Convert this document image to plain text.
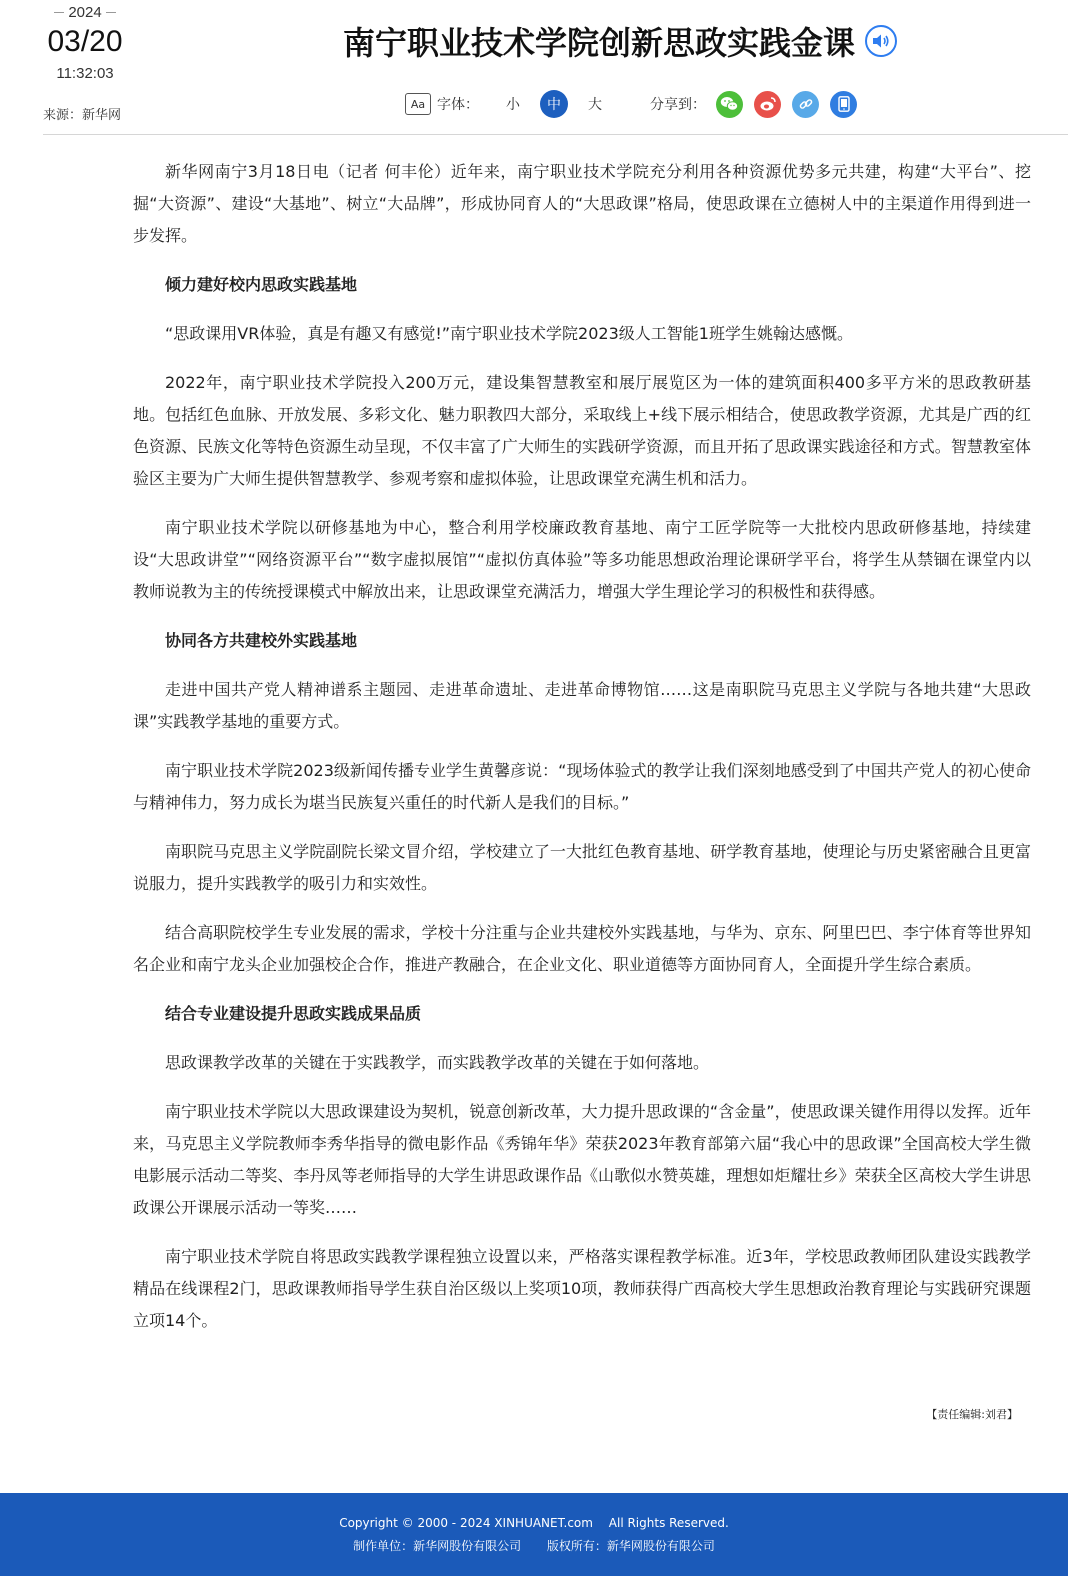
2024
03/20
11:32:03
来源：新华网
南宁职业技术学院创新思政实践金课
Aa 字体：	小	中	大	分享到：

新华网南宁3月18日电（记者 何丰伦）近年来，南宁职业技术学院充分利用各种资源优势多元共建，构建“大平台”、挖掘“大资源”、建设“大基地”、树立“大品牌”，形成协同育人的“大思政课”格局，使思政课在立德树人中的主渠道作用得到进一步发挥。

倾力建好校内思政实践基地

“思政课用VR体验，真是有趣又有感觉!”南宁职业技术学院2023级人工智能1班学生姚翰达感慨。

2022年，南宁职业技术学院投入200万元，建设集智慧教室和展厅展览区为一体的建筑面积400多平方米的思政教研基地。包括红色血脉、开放发展、多彩文化、魅力职教四大部分，采取线上+线下展示相结合，使思政教学资源，尤其是广西的红色资源、民族文化等特色资源生动呈现，不仅丰富了广大师生的实践研学资源，而且开拓了思政课实践途径和方式。智慧教室体验区主要为广大师生提供智慧教学、参观考察和虚拟体验，让思政课堂充满生机和活力。

南宁职业技术学院以研修基地为中心，整合利用学校廉政教育基地、南宁工匠学院等一大批校内思政研修基地，持续建设“大思政讲堂”“网络资源平台”“数字虚拟展馆”“虚拟仿真体验”等多功能思想政治理论课研学平台，将学生从禁锢在课堂内以教师说教为主的传统授课模式中解放出来，让思政课堂充满活力，增强大学生理论学习的积极性和获得感。

协同各方共建校外实践基地

走进中国共产党人精神谱系主题园、走进革命遗址、走进革命博物馆……这是南职院马克思主义学院与各地共建“大思政课”实践教学基地的重要方式。

南宁职业技术学院2023级新闻传播专业学生黄馨彦说：“现场体验式的教学让我们深刻地感受到了中国共产党人的初心使命与精神伟力，努力成长为堪当民族复兴重任的时代新人是我们的目标。”

南职院马克思主义学院副院长梁文冒介绍，学校建立了一大批红色教育基地、研学教育基地，使理论与历史紧密融合且更富说服力，提升实践教学的吸引力和实效性。

结合高职院校学生专业发展的需求，学校十分注重与企业共建校外实践基地，与华为、京东、阿里巴巴、李宁体育等世界知名企业和南宁龙头企业加强校企合作，推进产教融合，在企业文化、职业道德等方面协同育人，全面提升学生综合素质。

结合专业建设提升思政实践成果品质

思政课教学改革的关键在于实践教学，而实践教学改革的关键在于如何落地。

南宁职业技术学院以大思政课建设为契机，锐意创新改革，大力提升思政课的“含金量”，使思政课关键作用得以发挥。近年来，马克思主义学院教师李秀华指导的微电影作品《秀锦年华》荣获2023年教育部第六届“我心中的思政课”全国高校大学生微电影展示活动二等奖、李丹凤等老师指导的大学生讲思政课作品《山歌似水赞英雄，理想如炬耀壮乡》荣获全区高校大学生讲思政课公开课展示活动一等奖……

南宁职业技术学院自将思政实践教学课程独立设置以来，严格落实课程教学标准。近3年，学校思政教师团队建设实践教学精品在线课程2门，思政课教师指导学生获自治区级以上奖项10项，教师获得广西高校大学生思想政治教育理论与实践研究课题立项14个。

【责任编辑:刘君】
Copyright © 2000 - 2024 XINHUANET.com　 All Rights Reserved.
制作单位：新华网股份有限公司 版权所有：新华网股份有限公司
